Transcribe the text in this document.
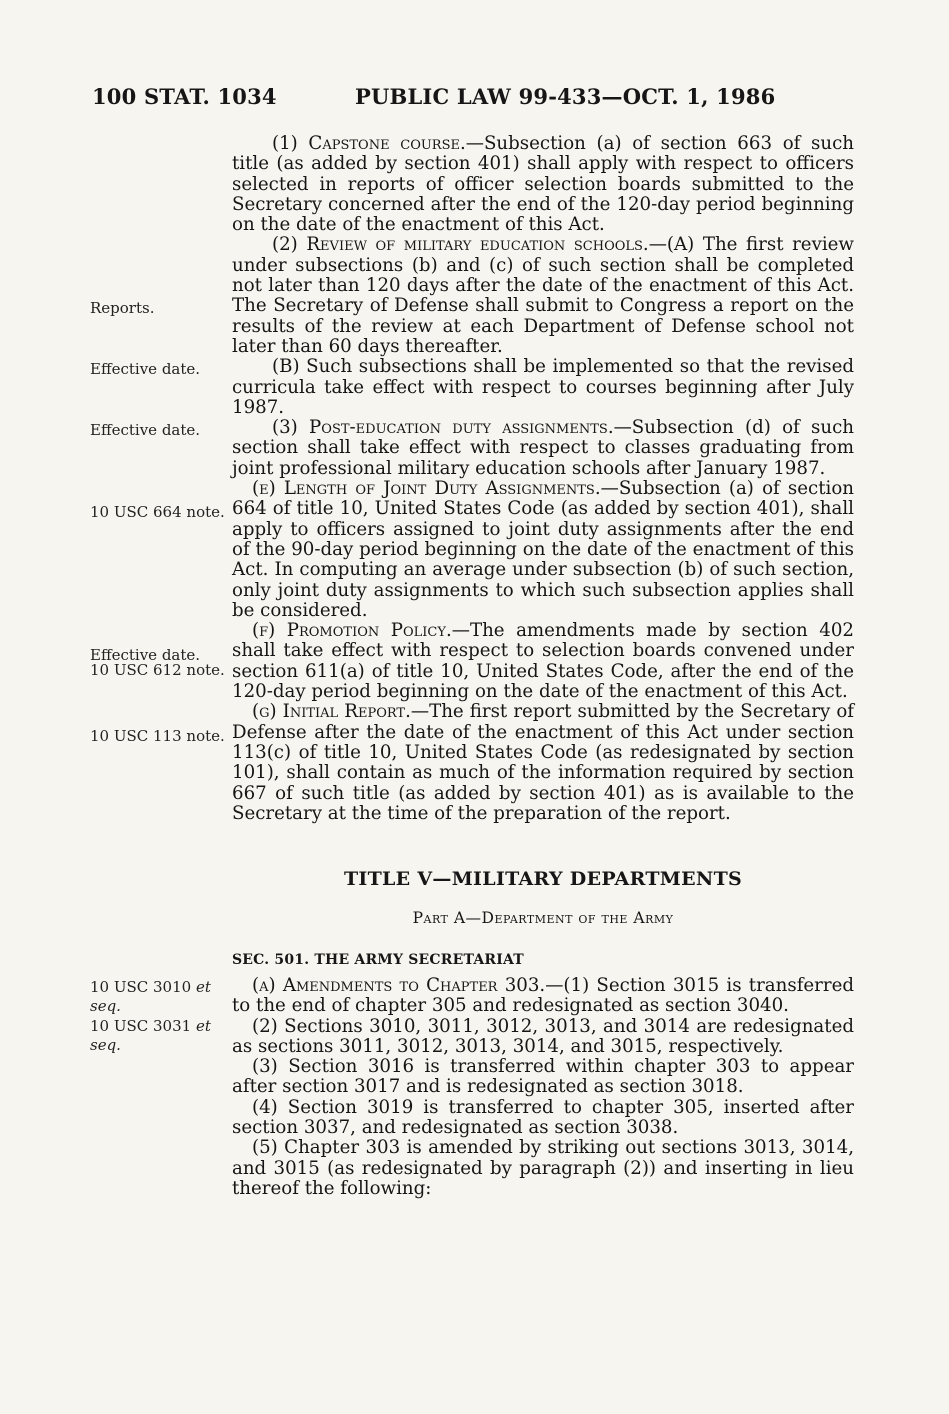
100 STAT. 1034	PUBLIC LAW 99-433—OCT. 1, 1986
Reports.
Effective date.
Effective date.
10 USC 664 note.
Effective date.
10 USC 612 note.
10 USC 113 note.
10 USC 3010 et
seq.
10 USC 3031 et
seq.

(1) Capstone course.—Subsection (a) of section 663 of such title (as added by section 401) shall apply with respect to officers selected in reports of officer selection boards submitted to the Secretary concerned after the end of the 120-day period beginning on the date of the enactment of this Act.

(2) Review of military education schools.—(A) The first review under subsections (b) and (c) of such section shall be completed not later than 120 days after the date of the enactment of this Act. The Secretary of Defense shall submit to Congress a report on the results of the review at each Department of Defense school not later than 60 days thereafter.

(B) Such subsections shall be implemented so that the revised curricula take effect with respect to courses beginning after July 1987.

(3) Post-education duty assignments.—Subsection (d) of such section shall take effect with respect to classes graduating from joint professional military education schools after January 1987.

(e) Length of Joint Duty Assignments.—Subsection (a) of section 664 of title 10, United States Code (as added by section 401), shall apply to officers assigned to joint duty assignments after the end of the 90-day period beginning on the date of the enactment of this Act. In computing an average under subsection (b) of such section, only joint duty assignments to which such subsection applies shall be considered.

(f) Promotion Policy.—The amendments made by section 402 shall take effect with respect to selection boards convened under section 611(a) of title 10, United States Code, after the end of the 120-day period beginning on the date of the enactment of this Act.

(g) Initial Report.—The first report submitted by the Secretary of Defense after the date of the enactment of this Act under section 113(c) of title 10, United States Code (as redesignated by section 101), shall contain as much of the information required by section 667 of such title (as added by section 401) as is available to the Secretary at the time of the preparation of the report.

TITLE V—MILITARY DEPARTMENTS
Part A—Department of the Army
SEC. 501. THE ARMY SECRETARIAT

(a) Amendments to Chapter 303.—(1) Section 3015 is transferred to the end of chapter 305 and redesignated as section 3040.

(2) Sections 3010, 3011, 3012, 3013, and 3014 are redesignated as sections 3011, 3012, 3013, 3014, and 3015, respectively.

(3) Section 3016 is transferred within chapter 303 to appear after section 3017 and is redesignated as section 3018.

(4) Section 3019 is transferred to chapter 305, inserted after section 3037, and redesignated as section 3038.

(5) Chapter 303 is amended by striking out sections 3013, 3014, and 3015 (as redesignated by paragraph (2)) and inserting in lieu thereof the following:
